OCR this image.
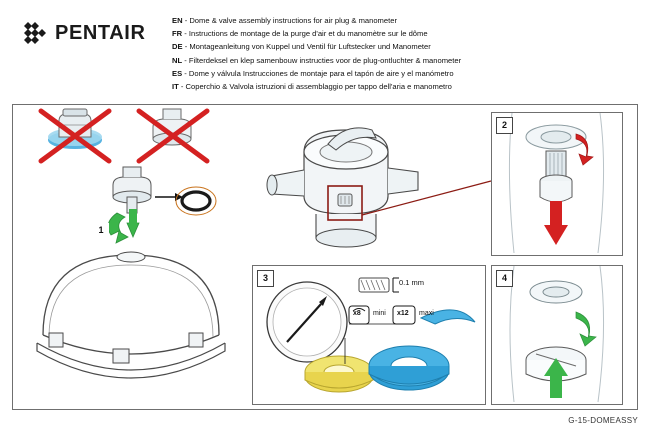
PENTAIR
EN - Dome & valve assembly instructions for air plug & manometer
FR - Instructions de montage de la purge d'air et du manomètre sur le dôme
DE - Montageanleitung von Kuppel und Ventil für Luftstecker und Manometer
NL - Filterdeksel en klep samenbouw instructies voor de plug-ontluchter & manometer
ES - Dome y válvula Instrucciones de montaje para el tapón de aire y el manómetro
IT - Coperchio & Valvola istruzioni di assemblaggio per tappo dell'aria e manometro
1
2
3	0.1 mm
x8 mini x12 maxi
4
G-15-DOMEASSY
